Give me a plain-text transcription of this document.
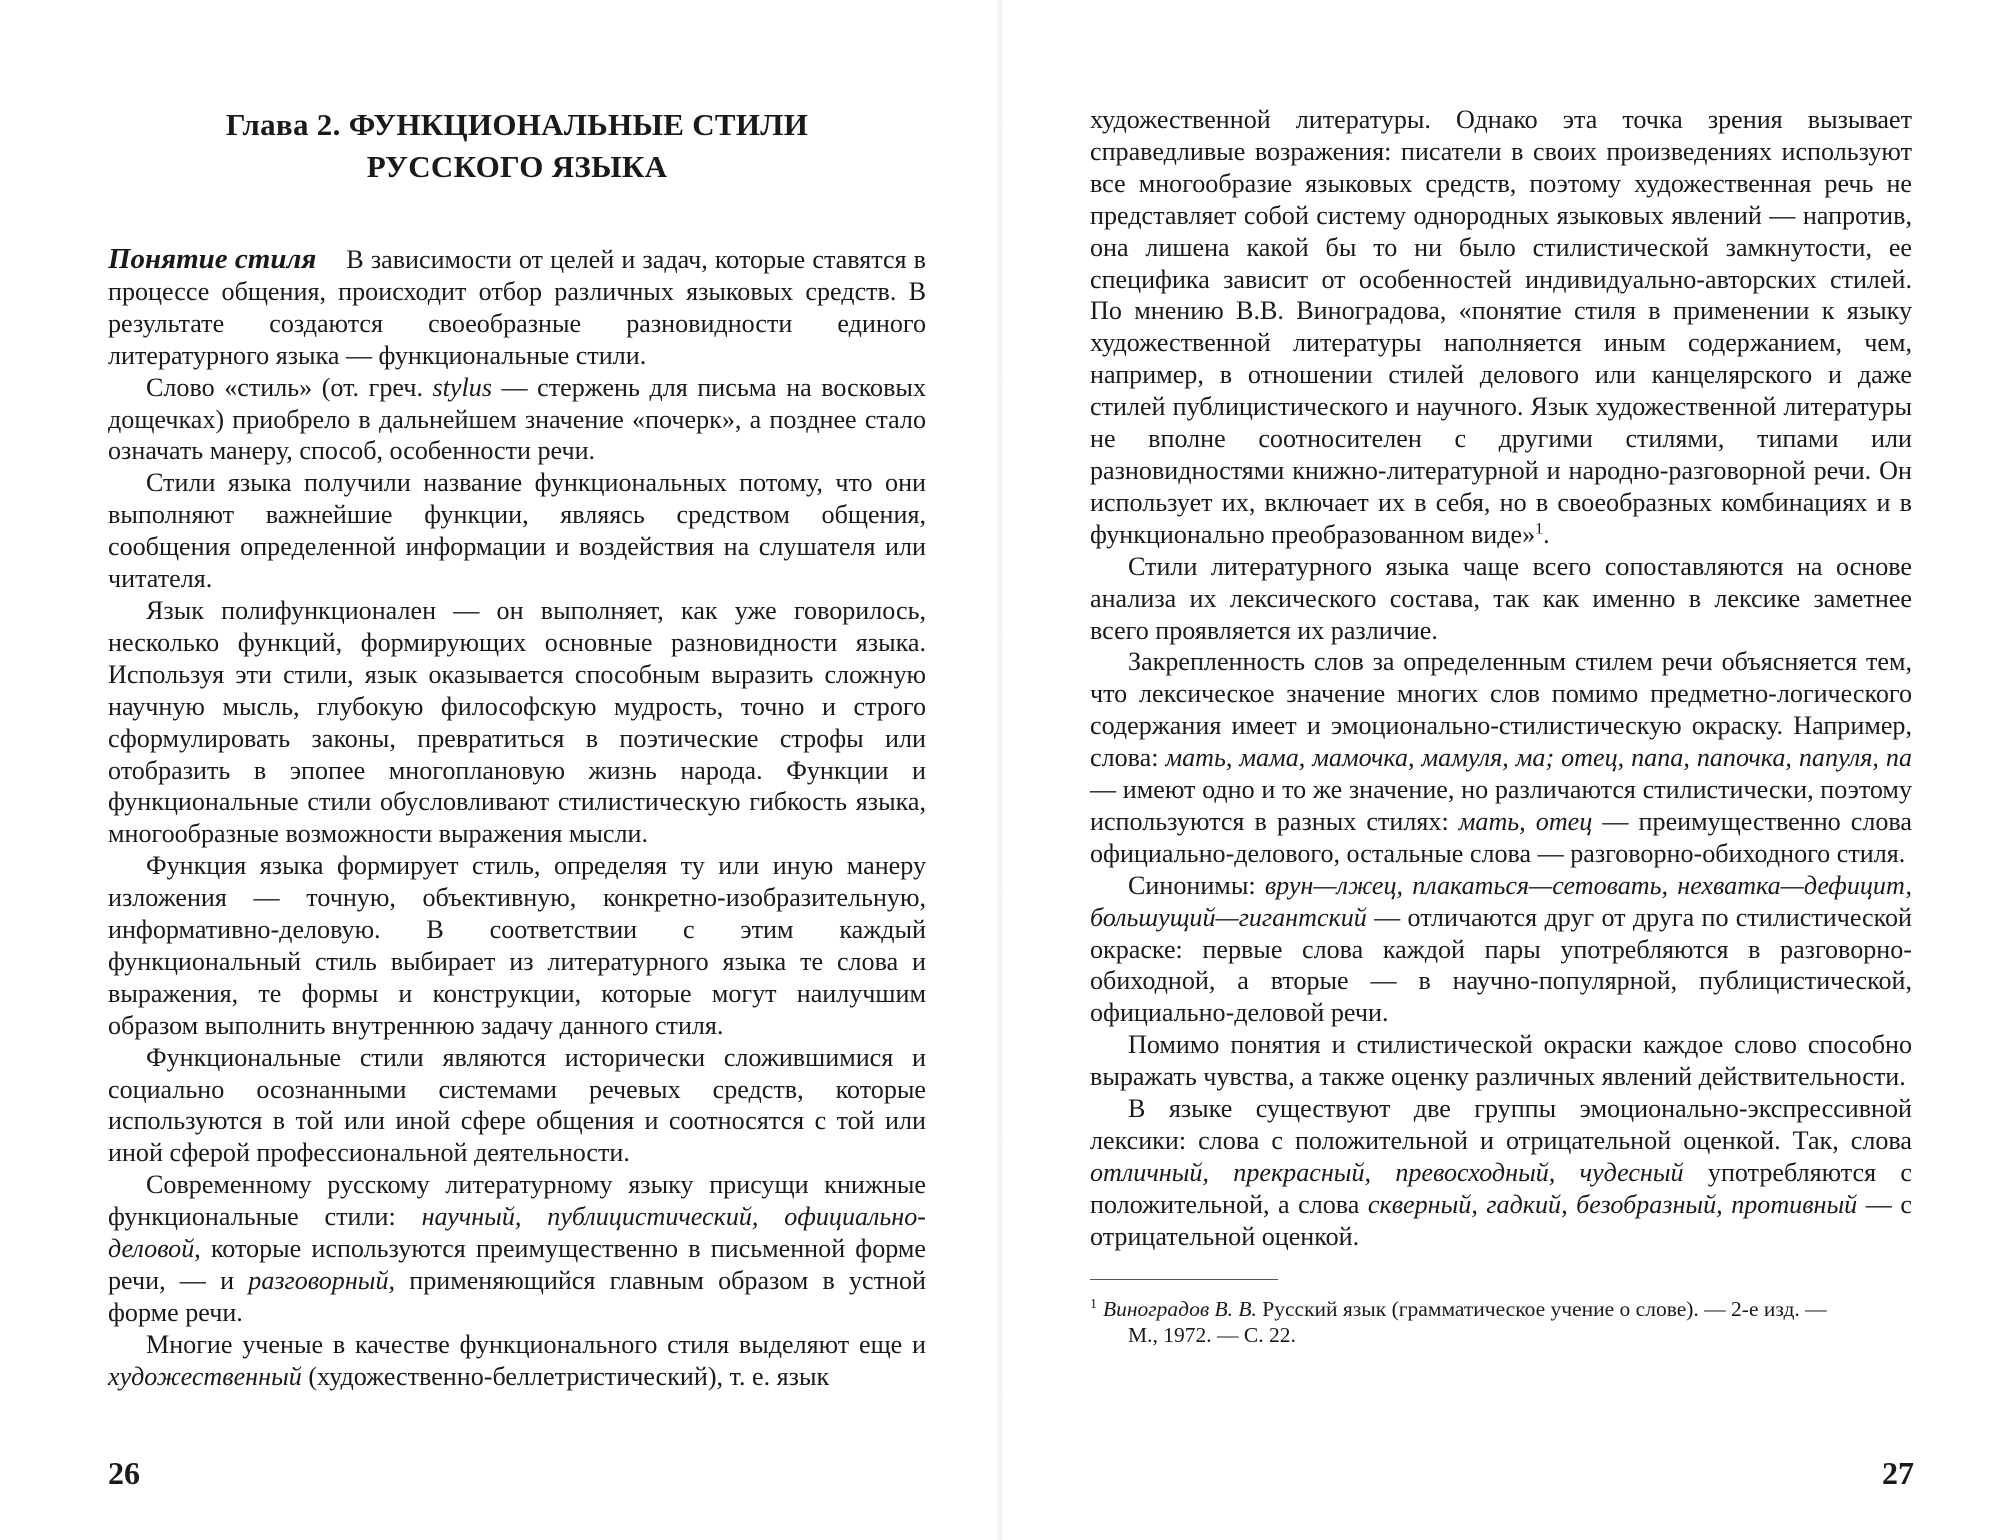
Глава 2. ФУНКЦИОНАЛЬНЫЕ СТИЛИ
РУССКОГО ЯЗЫКА

Понятие стиля В зависимости от целей и задач, которые ставятся в процессе общения, происходит отбор различных языковых средств. В результате создаются своеобразные разновидности единого литературного языка — функциональные стили.

Слово «стиль» (от. греч. stylus — стержень для письма на восковых дощечках) приобрело в дальнейшем значение «почерк», а позднее стало означать манеру, способ, особенности речи.

Стили языка получили название функциональных потому, что они выполняют важнейшие функции, являясь средством общения, сообщения определенной информации и воздействия на слушателя или читателя.

Язык полифункционален — он выполняет, как уже говорилось, несколько функций, формирующих основные разновидности языка. Используя эти стили, язык оказывается способным выразить сложную научную мысль, глубокую философскую мудрость, точно и строго сформулировать законы, превратиться в поэтические строфы или отобразить в эпопее многоплановую жизнь народа. Функции и функциональные стили обусловливают стилистическую гибкость языка, многообразные возможности выражения мысли.

Функция языка формирует стиль, определяя ту или иную манеру изложения — точную, объективную, конкретно-изобразительную, информативно-деловую. В соответствии с этим каждый функциональный стиль выбирает из литературного языка те слова и выражения, те формы и конструкции, которые могут наилучшим образом выполнить внутреннюю задачу данного стиля.

Функциональные стили являются исторически сложившимися и социально осознанными системами речевых средств, которые используются в той или иной сфере общения и соотносятся с той или иной сферой профессиональной деятельности.

Современному русскому литературному языку присущи книжные функциональные стили: научный, публицистический, официально-деловой, которые используются преимущественно в письменной форме речи, — и разговорный, применяющийся главным образом в устной форме речи.

Многие ученые в качестве функционального стиля выделяют еще и художественный (художественно-беллетристический), т. е. язык

26

художественной литературы. Однако эта точка зрения вызывает справедливые возражения: писатели в своих произведениях используют все многообразие языковых средств, поэтому художественная речь не представляет собой систему однородных языковых явлений — напротив, она лишена какой бы то ни было стилистической замкнутости, ее специфика зависит от особенностей индивидуально-авторских стилей. По мнению В.В. Виноградова, «понятие стиля в применении к языку художественной литературы наполняется иным содержанием, чем, например, в отношении стилей делового или канцелярского и даже стилей публицистического и научного. Язык художественной литературы не вполне соотносителен с другими стилями, типами или разновидностями книжно-литературной и народно-разговорной речи. Он использует их, включает их в себя, но в своеобразных комбинациях и в функционально преобразованном виде»$^1$.

Стили литературного языка чаще всего сопоставляются на основе анализа их лексического состава, так как именно в лексике заметнее всего проявляется их различие.

Закрепленность слов за определенным стилем речи объясняется тем, что лексическое значение многих слов помимо предметно-логического содержания имеет и эмоционально-стилистическую окраску. Например, слова: мать, мама, мамочка, мамуля, ма; отец, папа, папочка, папуля, па — имеют одно и то же значение, но различаются стилистически, поэтому используются в разных стилях: мать, отец — преимущественно слова официально-делового, остальные слова — разговорно-обиходного стиля.

Синонимы: врун—лжец, плакаться—сетовать, нехватка—дефицит, большущий—гигантский — отличаются друг от друга по стилистической окраске: первые слова каждой пары употребляются в разговорно-обиходной, а вторые — в научно-популярной, публицистической, официально-деловой речи.

Помимо понятия и стилистической окраски каждое слово способно выражать чувства, а также оценку различных явлений действительности.

В языке существуют две группы эмоционально-экспрессивной лексики: слова с положительной и отрицательной оценкой. Так, слова отличный, прекрасный, превосходный, чудесный употребляются с положительной, а слова скверный, гадкий, безобразный, противный — с отрицательной оценкой.

$^1$ Виноградов В. В. Русский язык (грамматическое учение о слове). — 2-е изд. —

М., 1972. — С. 22.

27
